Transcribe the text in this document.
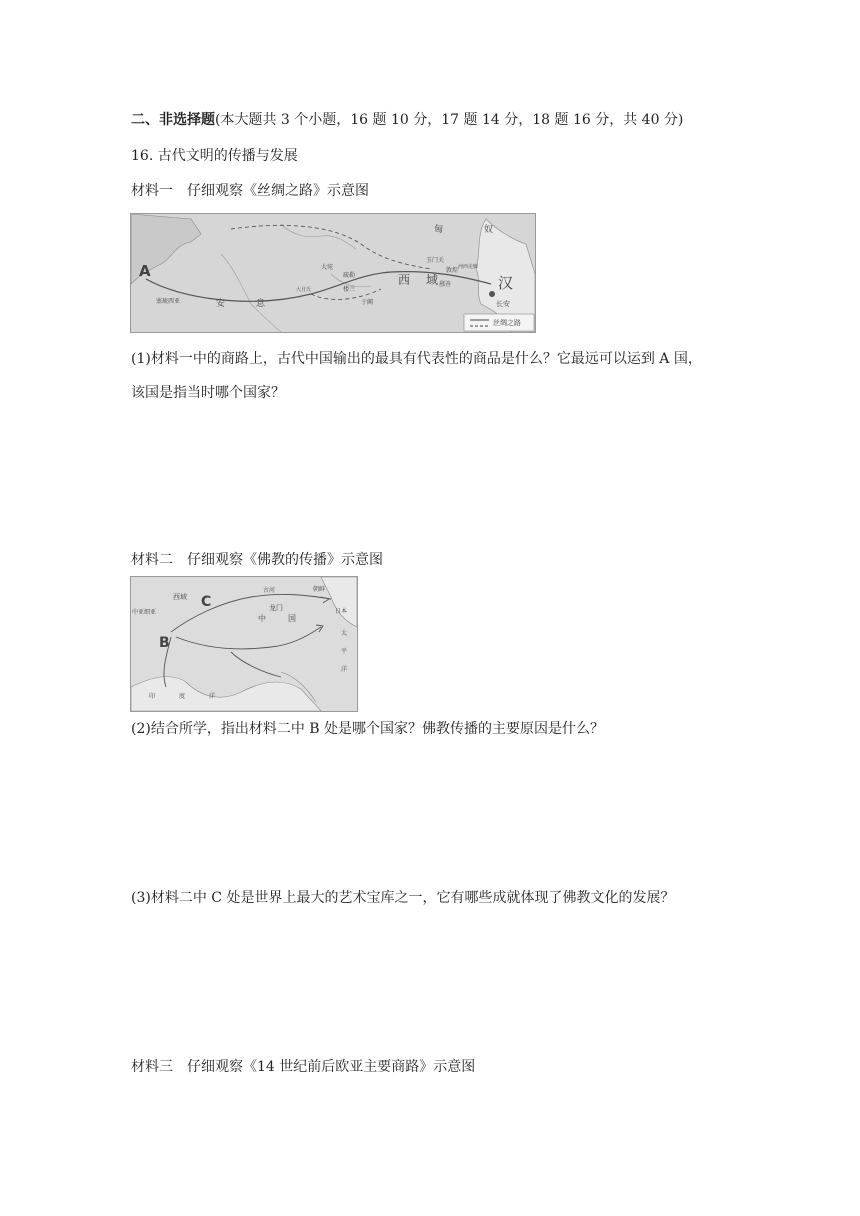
二、非选择题(本大题共 3 个小题，16 题 10 分，17 题 14 分，18 题 16 分，共 40 分)
16. 古代文明的传播与发展
材料一　仔细观察《丝绸之路》示意图
A
匈	奴
汉
安	息
西 域
长安
敦煌
玉门关
河西走廊
大宛
疏勒
于阗
鄯善
大月氏	楼兰
塞琉西亚
丝绸之路
(1)材料一中的商路上，古代中国输出的最具有代表性的商品是什么？它最远可以运到 A 国，
该国是指当时哪个国家？
材料二　仔细观察《佛教的传播》示意图
C
B
西域
中亚细亚
古河
龙门
中	国
朝鲜
日本
太
平
洋
印	度	洋
(2)结合所学，指出材料二中 B 处是哪个国家？佛教传播的主要原因是什么？
(3)材料二中 C 处是世界上最大的艺术宝库之一，它有哪些成就体现了佛教文化的发展？
材料三　仔细观察《14 世纪前后欧亚主要商路》示意图
